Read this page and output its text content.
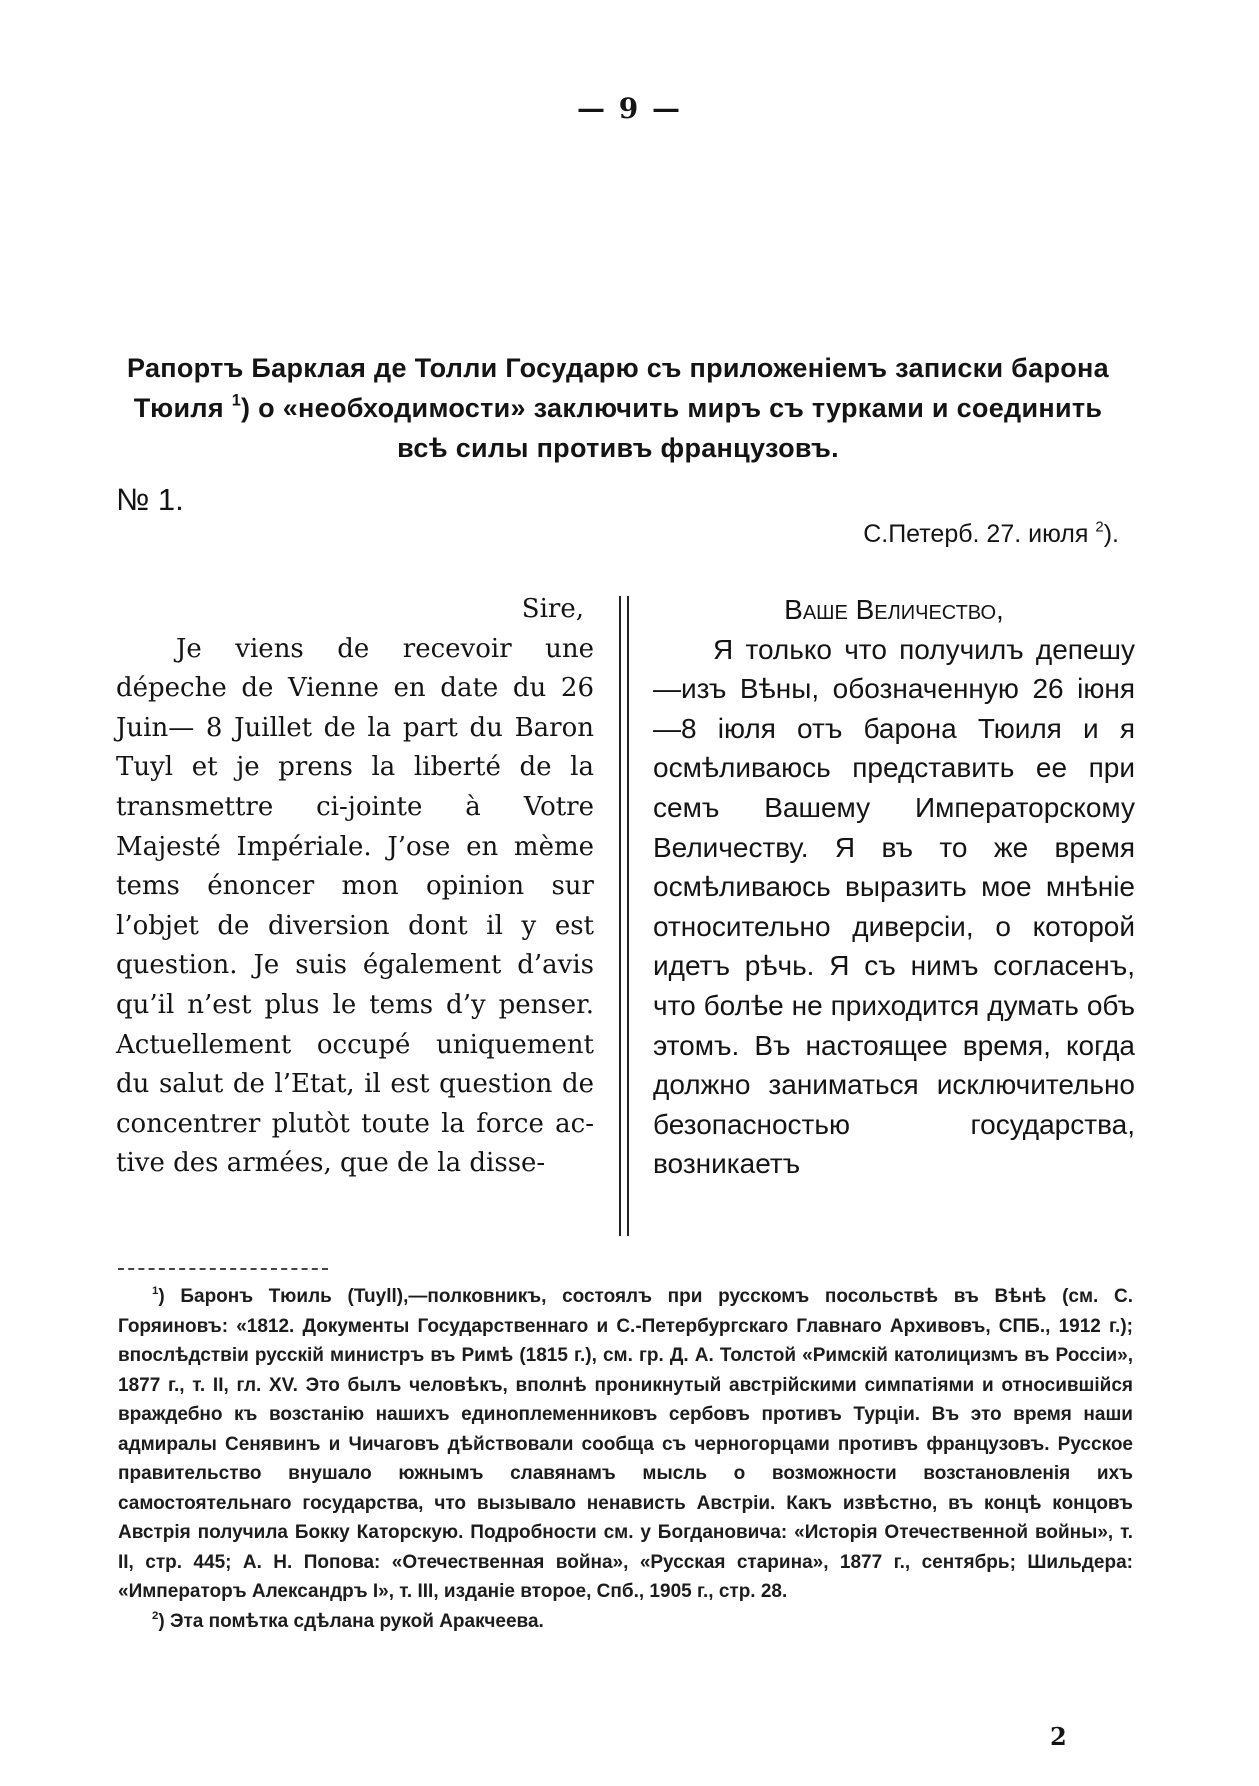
— 9 —
Рапортъ Барклая де Толли Государю съ приложеніемъ записки барона
Тюиля $^1$) о «необходимости» заключить миръ съ турками и соединить
всѣ силы противъ французовъ.
№ 1.
С.Петерб. 27. июля $^2$).
Sire,

Je viens de recevoir une dépeche de Vienne en date du 26 Juin— 8 Juillet de la part du Baron Tuyl et je prens la liberté de la transmettre ci-jointe à Votre Majesté Impériale. J’ose en mème tems énoncer mon opinion sur l’objet de diversion dont il y est question. Je suis également d’avis qu’il n’est plus le tems d’y penser. Actuellement occupé uniquement du salut de l’Etat, il est question de concentrer plutòt toute la force active des armées, que de la disse-

Ваше Величество,

Я только что получилъ депешу—изъ Вѣны, обозначенную 26 іюня—8 іюля отъ барона Тюиля и я осмѣливаюсь представить ее при семъ Вашему Императорскому Величеству. Я въ то же время осмѣливаюсь выразить мое мнѣніе относительно диверсіи, о которой идетъ рѣчь. Я съ нимъ согласенъ, что болѣе не приходится думать объ этомъ. Въ настоящее время, когда должно заниматься исключительно безопасностью государства, возникаетъ

$^1$) Баронъ Тюиль (Tuyll),—полковникъ, состоялъ при русскомъ посольствѣ въ Вѣнѣ (см. С. Горяиновъ: «1812. Документы Государственнаго и С.-Петербургскаго Главнаго Архивовъ, СПБ., 1912 г.); впослѣдствіи русскій министръ въ Римѣ (1815 г.), см. гр. Д. А. Толстой «Римскій католицизмъ въ Россіи», 1877 г., т. II, гл. XV. Это былъ человѣкъ, вполнѣ проникнутый австрійскими симпатіями и относившійся враждебно къ возстанію нашихъ единоплеменниковъ сербовъ противъ Турціи. Въ это время наши адмиралы Сенявинъ и Чичаговъ дѣйствовали сообща съ черногорцами противъ французовъ. Русское правительство внушало южнымъ славянамъ мысль о возможности возстановленія ихъ самостоятельнаго государства, что вызывало ненависть Австріи. Какъ извѣстно, въ концѣ концовъ Австрія получила Бокку Каторскую. Подробности см. у Богдановича: «Исторія Отечественной войны», т. II, стр. 445; А. Н. Попова: «Отечественная война», «Русская старина», 1877 г., сентябрь; Шильдера: «Императоръ Александръ I», т. III, изданіе второе, Спб., 1905 г., стр. 28.

$^2$) Эта помѣтка сдѣлана рукой Аракчеева.

2
